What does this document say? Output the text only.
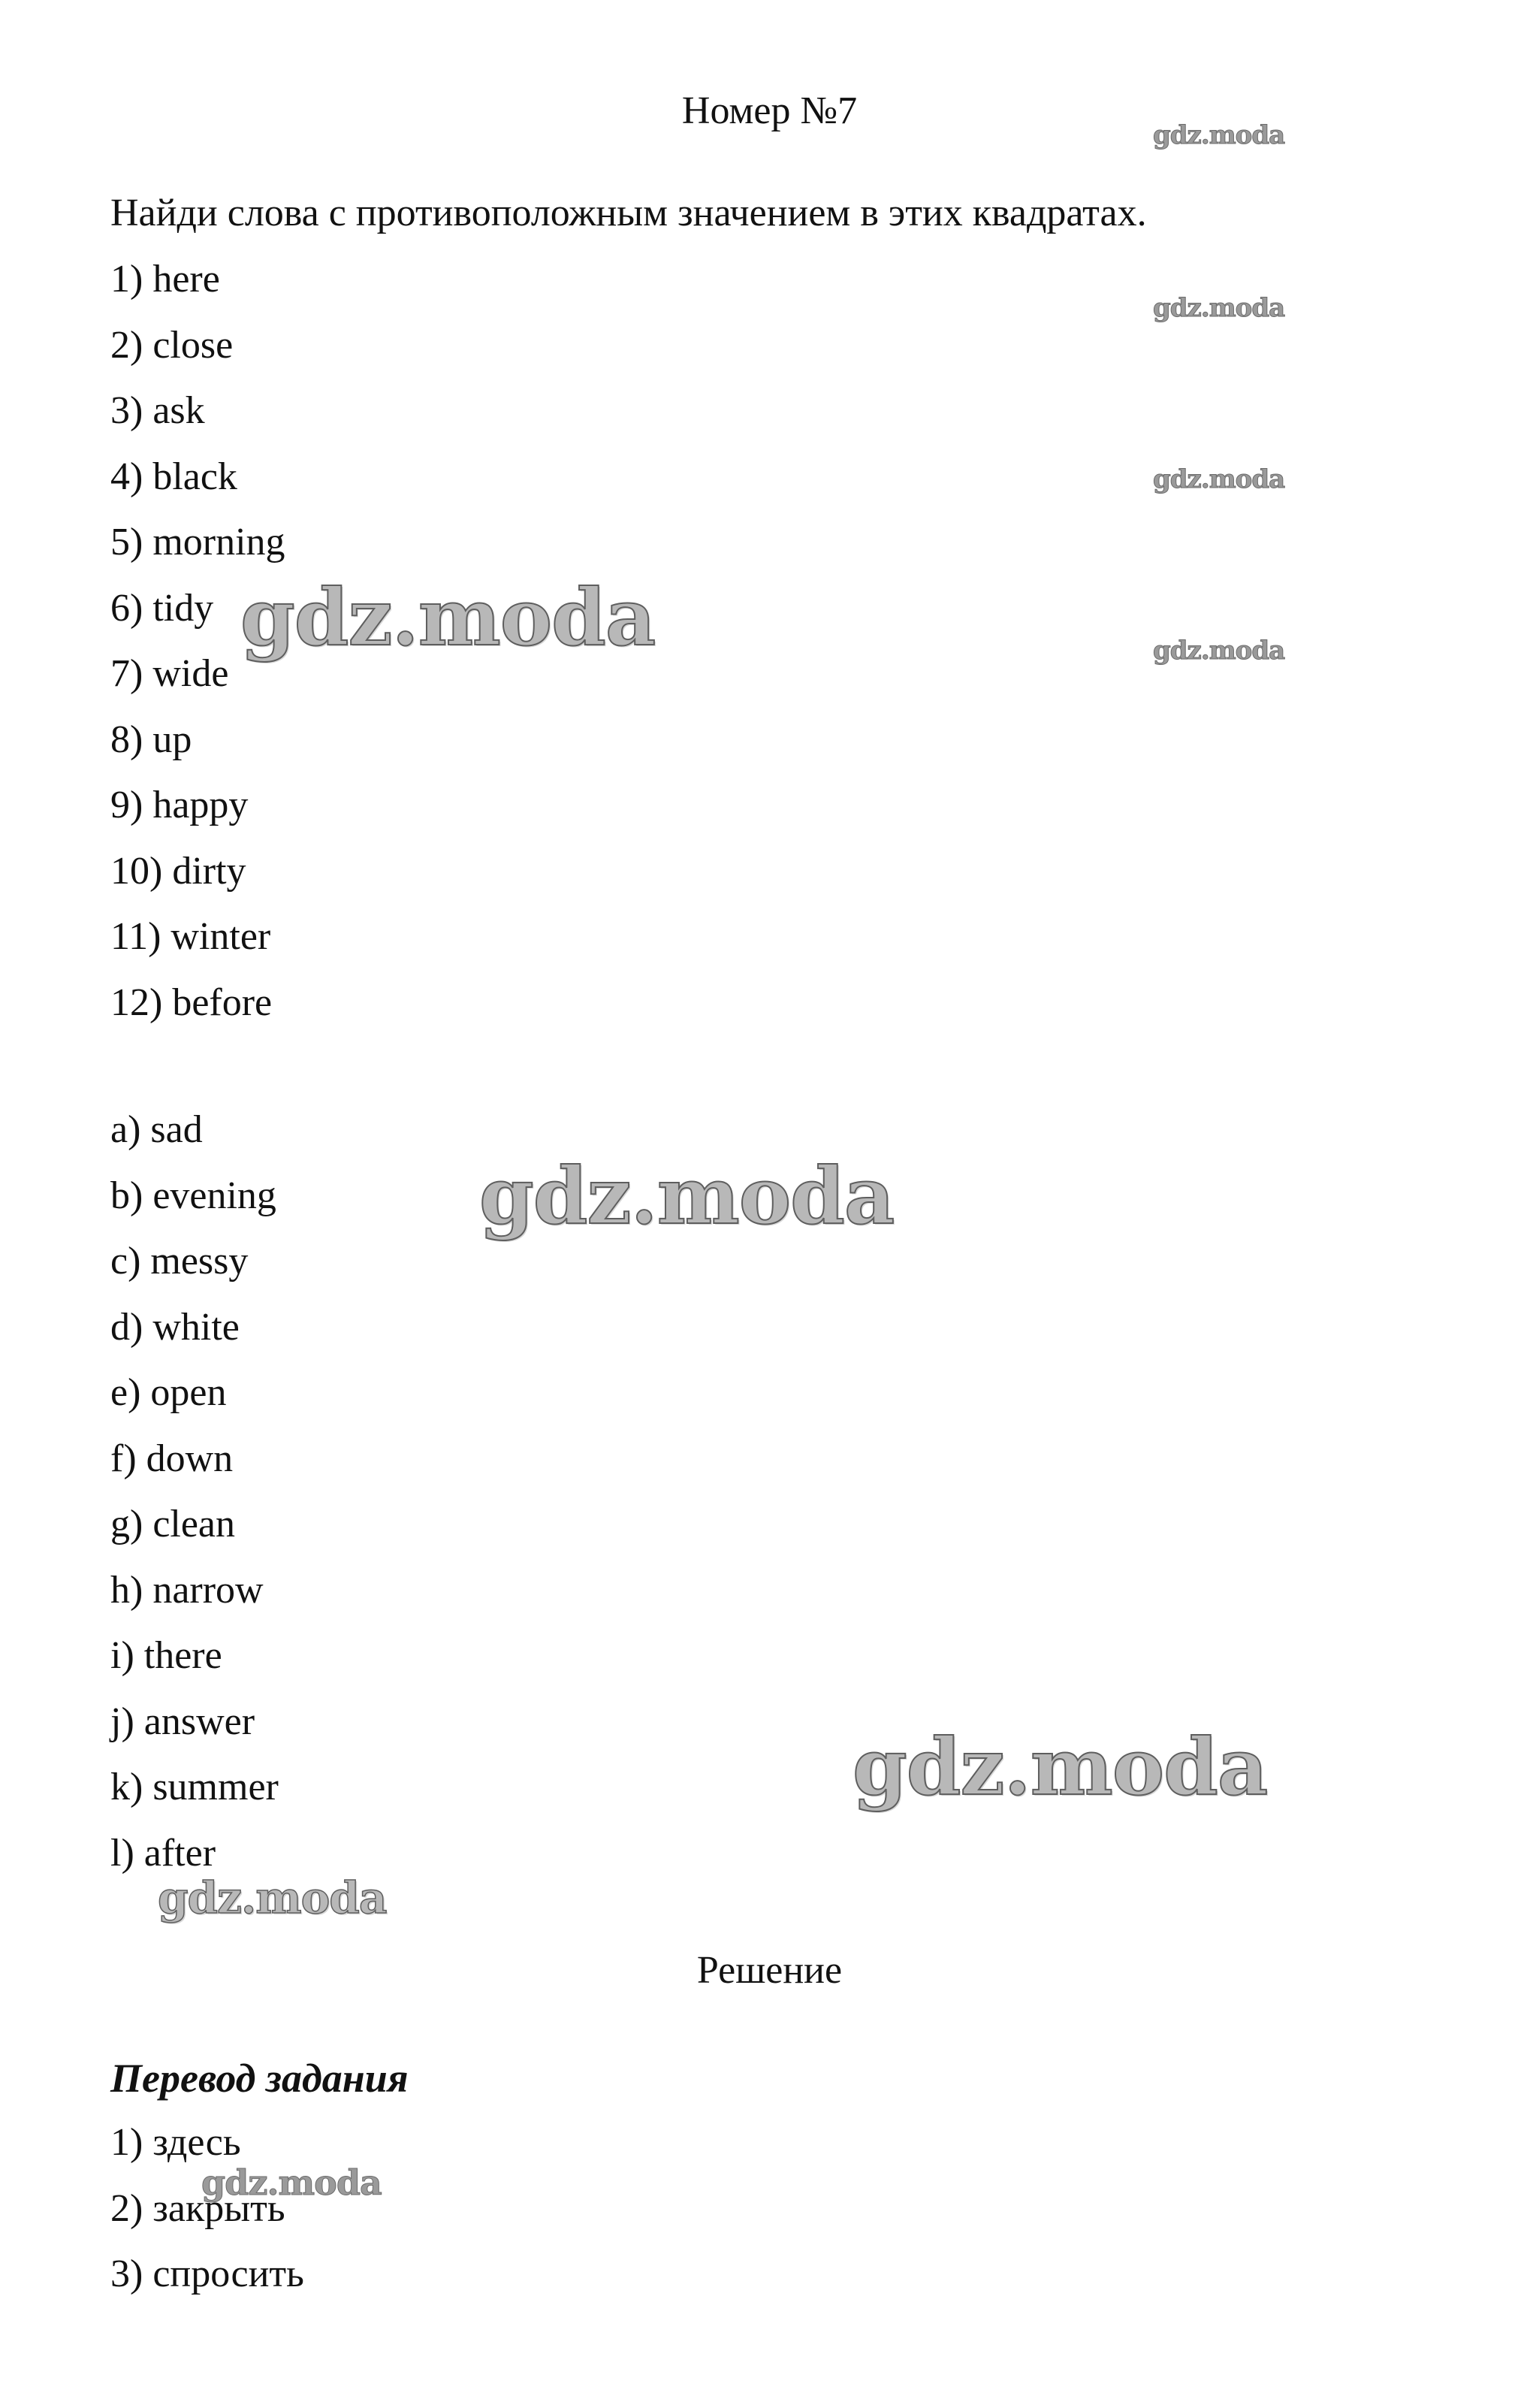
Номер №7
Найди слова с противоположным значением в этих квадратах.
1) here
2) close
3) ask
4) black
5) morning
6) tidy
7) wide
8) up
9) happy
10) dirty
11) winter
12) before
a) sad
b) evening
c) messy
d) white
e) open
f) down
g) clean
h) narrow
i) there
j) answer
k) summer
l) after
Решение
Перевод задания
1) здесь
2) закрыть
3) спросить
gdz.moda
gdz.moda
gdz.moda
gdz.moda
gdz.moda
gdz.moda
gdz.moda
gdz.moda
gdz.moda
